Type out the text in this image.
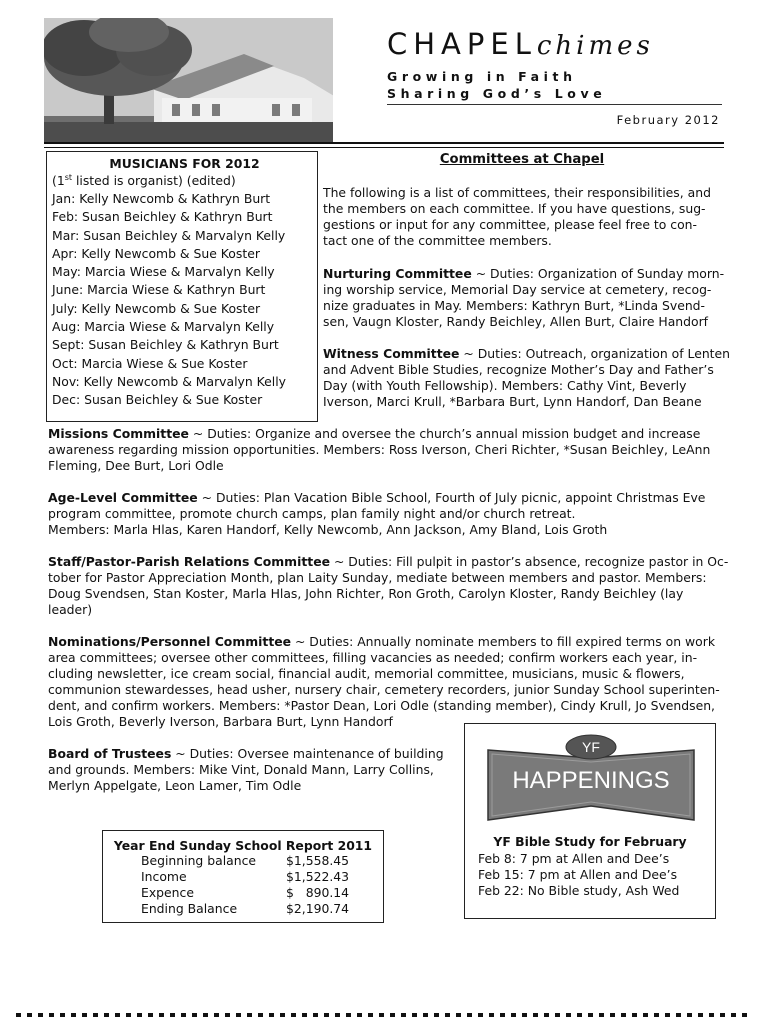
CHAPELchimes
Growing in Faith
Sharing God’s Love
February 2012
MUSICIANS FOR 2012
(1st listed is organist) (edited)
Jan: Kelly Newcomb & Kathryn Burt
Feb: Susan Beichley & Kathryn Burt
Mar: Susan Beichley & Marvalyn Kelly
Apr: Kelly Newcomb & Sue Koster
May: Marcia Wiese & Marvalyn Kelly
June: Marcia Wiese & Kathryn Burt
July: Kelly Newcomb & Sue Koster
Aug: Marcia Wiese & Marvalyn Kelly
Sept: Susan Beichley & Kathryn Burt
Oct: Marcia Wiese & Sue Koster
Nov: Kelly Newcomb & Marvalyn Kelly
Dec: Susan Beichley & Sue Koster
Committees at Chapel
The following is a list of committees, their responsibilities, and
the members on each committee. If you have questions, sug-
gestions or input for any committee, please feel free to con-
tact one of the committee members.
Nurturing Committee ~ Duties: Organization of Sunday morn-
ing worship service, Memorial Day service at cemetery, recog-
nize graduates in May. Members: Kathryn Burt, *Linda Svend-
sen, Vaugn Kloster, Randy Beichley, Allen Burt, Claire Handorf
Witness Committee ~ Duties: Outreach, organization of Lenten
and Advent Bible Studies, recognize Mother’s Day and Father’s
Day (with Youth Fellowship). Members: Cathy Vint, Beverly
Iverson, Marci Krull, *Barbara Burt, Lynn Handorf, Dan Beane
Missions Committee ~ Duties: Organize and oversee the church’s annual mission budget and increase
awareness regarding mission opportunities. Members: Ross Iverson, Cheri Richter, *Susan Beichley, LeAnn
Fleming, Dee Burt, Lori Odle
Age-Level Committee ~ Duties: Plan Vacation Bible School, Fourth of July picnic, appoint Christmas Eve
program committee, promote church camps, plan family night and/or church retreat.
Members: Marla Hlas, Karen Handorf, Kelly Newcomb, Ann Jackson, Amy Bland, Lois Groth
Staff/Pastor-Parish Relations Committee ~ Duties: Fill pulpit in pastor’s absence, recognize pastor in Oc-
tober for Pastor Appreciation Month, plan Laity Sunday, mediate between members and pastor. Members:
Doug Svendsen, Stan Koster, Marla Hlas, John Richter, Ron Groth, Carolyn Kloster, Randy Beichley (lay
leader)
Nominations/Personnel Committee ~ Duties: Annually nominate members to fill expired terms on work
area committees; oversee other committees, filling vacancies as needed; confirm workers each year, in-
cluding newsletter, ice cream social, financial audit, memorial committee, musicians, music & flowers,
communion stewardesses, head usher, nursery chair, cemetery recorders, junior Sunday School superinten-
dent, and confirm workers. Members: *Pastor Dean, Lori Odle (standing member), Cindy Krull, Jo Svendsen,
Lois Groth, Beverly Iverson, Barbara Burt, Lynn Handorf
Board of Trustees ~ Duties: Oversee maintenance of building
and grounds. Members: Mike Vint, Donald Mann, Larry Collins,
Merlyn Appelgate, Leon Lamer, Tim Odle
YF
HAPPENINGS
YF Bible Study for February
Feb 8: 7 pm at Allen and Dee’s
Feb 15: 7 pm at Allen and Dee’s
Feb 22: No Bible study, Ash Wed
Year End Sunday School Report 2011
Beginning balance $1,558.45
Income	$1,522.43
Expence	$   890.14
Ending Balance	$2,190.74
